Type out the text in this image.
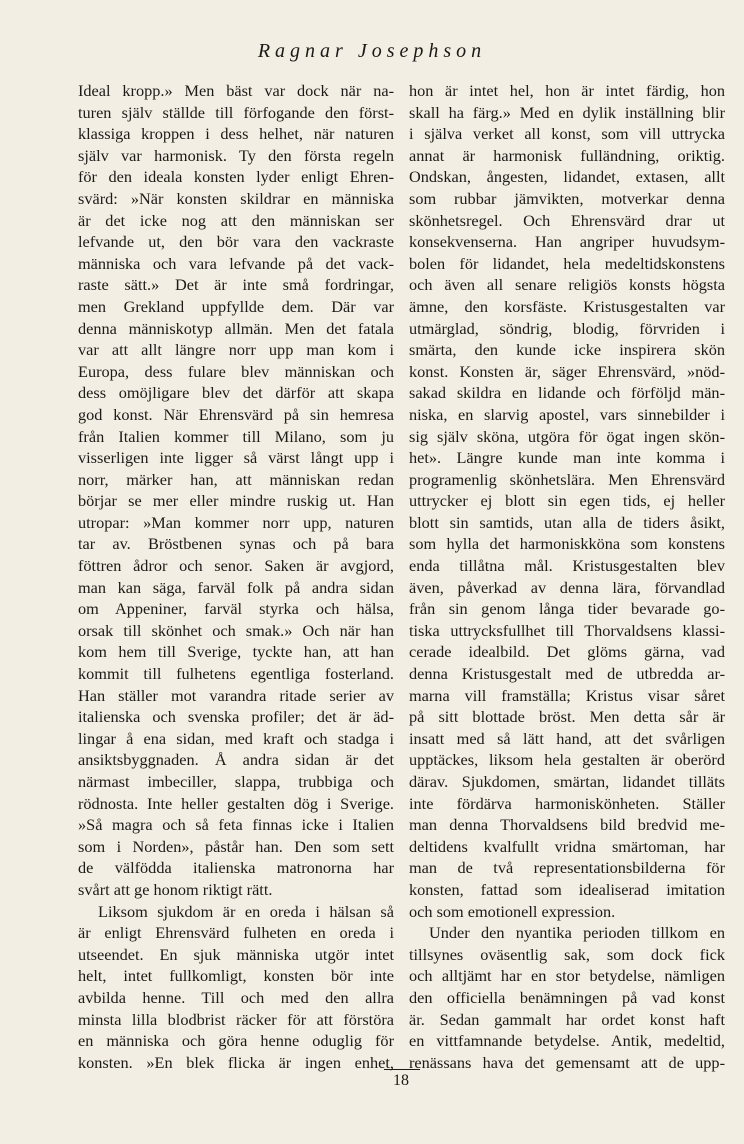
Ragnar Josephson
Ideal kropp.» Men bäst var dock när na-
turen själv ställde till förfogande den först-
klassiga kroppen i dess helhet, när naturen
själv var harmonisk. Ty den första regeln
för den ideala konsten lyder enligt Ehren-
svärd: »När konsten skildrar en människa
är det icke nog att den människan ser
lefvande ut, den bör vara den vackraste
människa och vara lefvande på det vack-
raste sätt.» Det är inte små fordringar,
men Grekland uppfyllde dem. Där var
denna människotyp allmän. Men det fatala
var att allt längre norr upp man kom i
Europa, dess fulare blev människan och
dess omöjligare blev det därför att skapa
god konst. När Ehrensvärd på sin hemresa
från Italien kommer till Milano, som ju
visserligen inte ligger så värst långt upp i
norr, märker han, att människan redan
börjar se mer eller mindre ruskig ut. Han
utropar: »Man kommer norr upp, naturen
tar av. Bröstbenen synas och på bara
föttren ådror och senor. Saken är avgjord,
man kan säga, farväl folk på andra sidan
om Appeniner, farväl styrka och hälsa,
orsak till skönhet och smak.» Och när han
kom hem till Sverige, tyckte han, att han
kommit till fulhetens egentliga fosterland.
Han ställer mot varandra ritade serier av
italienska och svenska profiler; det är äd-
lingar å ena sidan, med kraft och stadga i
ansiktsbyggnaden. Å andra sidan är det
närmast imbeciller, slappa, trubbiga och
rödnosta. Inte heller gestalten dög i Sverige.
»Så magra och så feta finnas icke i Italien
som i Norden», påstår han. Den som sett
de välfödda italienska matronorna har
svårt att ge honom riktigt rätt.
Liksom sjukdom är en oreda i hälsan så
är enligt Ehrensvärd fulheten en oreda i
utseendet. En sjuk människa utgör intet
helt, intet fullkomligt, konsten bör inte
avbilda henne. Till och med den allra
minsta lilla blodbrist räcker för att förstöra
en människa och göra henne oduglig för
konsten. »En blek flicka är ingen enhet,
hon är intet hel, hon är intet färdig, hon
skall ha färg.» Med en dylik inställning blir
i själva verket all konst, som vill uttrycka
annat är harmonisk fulländning, oriktig.
Ondskan, ångesten, lidandet, extasen, allt
som rubbar jämvikten, motverkar denna
skönhetsregel. Och Ehrensvärd drar ut
konsekvenserna. Han angriper huvudsym-
bolen för lidandet, hela medeltidskonstens
och även all senare religiös konsts högsta
ämne, den korsfäste. Kristusgestalten var
utmärglad, söndrig, blodig, förvriden i
smärta, den kunde icke inspirera skön
konst. Konsten är, säger Ehrensvärd, »nöd-
sakad skildra en lidande och förföljd män-
niska, en slarvig apostel, vars sinnebilder i
sig själv sköna, utgöra för ögat ingen skön-
het». Längre kunde man inte komma i
programenlig skönhetslära. Men Ehrensvärd
uttrycker ej blott sin egen tids, ej heller
blott sin samtids, utan alla de tiders åsikt,
som hylla det harmoniskköna som konstens
enda tillåtna mål. Kristusgestalten blev
även, påverkad av denna lära, förvandlad
från sin genom långa tider bevarade go-
tiska uttrycksfullhet till Thorvaldsens klassi-
cerade idealbild. Det glöms gärna, vad
denna Kristusgestalt med de utbredda ar-
marna vill framställa; Kristus visar såret
på sitt blottade bröst. Men detta sår är
insatt med så lätt hand, att det svårligen
upptäckes, liksom hela gestalten är oberörd
därav. Sjukdomen, smärtan, lidandet tilläts
inte fördärva harmoniskönheten. Ställer
man denna Thorvaldsens bild bredvid me-
deltidens kvalfullt vridna smärtoman, har
man de två representationsbilderna för
konsten, fattad som idealiserad imitation
och som emotionell expression.
Under den nyantika perioden tillkom en
tillsynes oväsentlig sak, som dock fick
och alltjämt har en stor betydelse, nämligen
den officiella benämningen på vad konst
är. Sedan gammalt har ordet konst haft
en vittfamnande betydelse. Antik, medeltid,
renässans hava det gemensamt att de upp-
18
